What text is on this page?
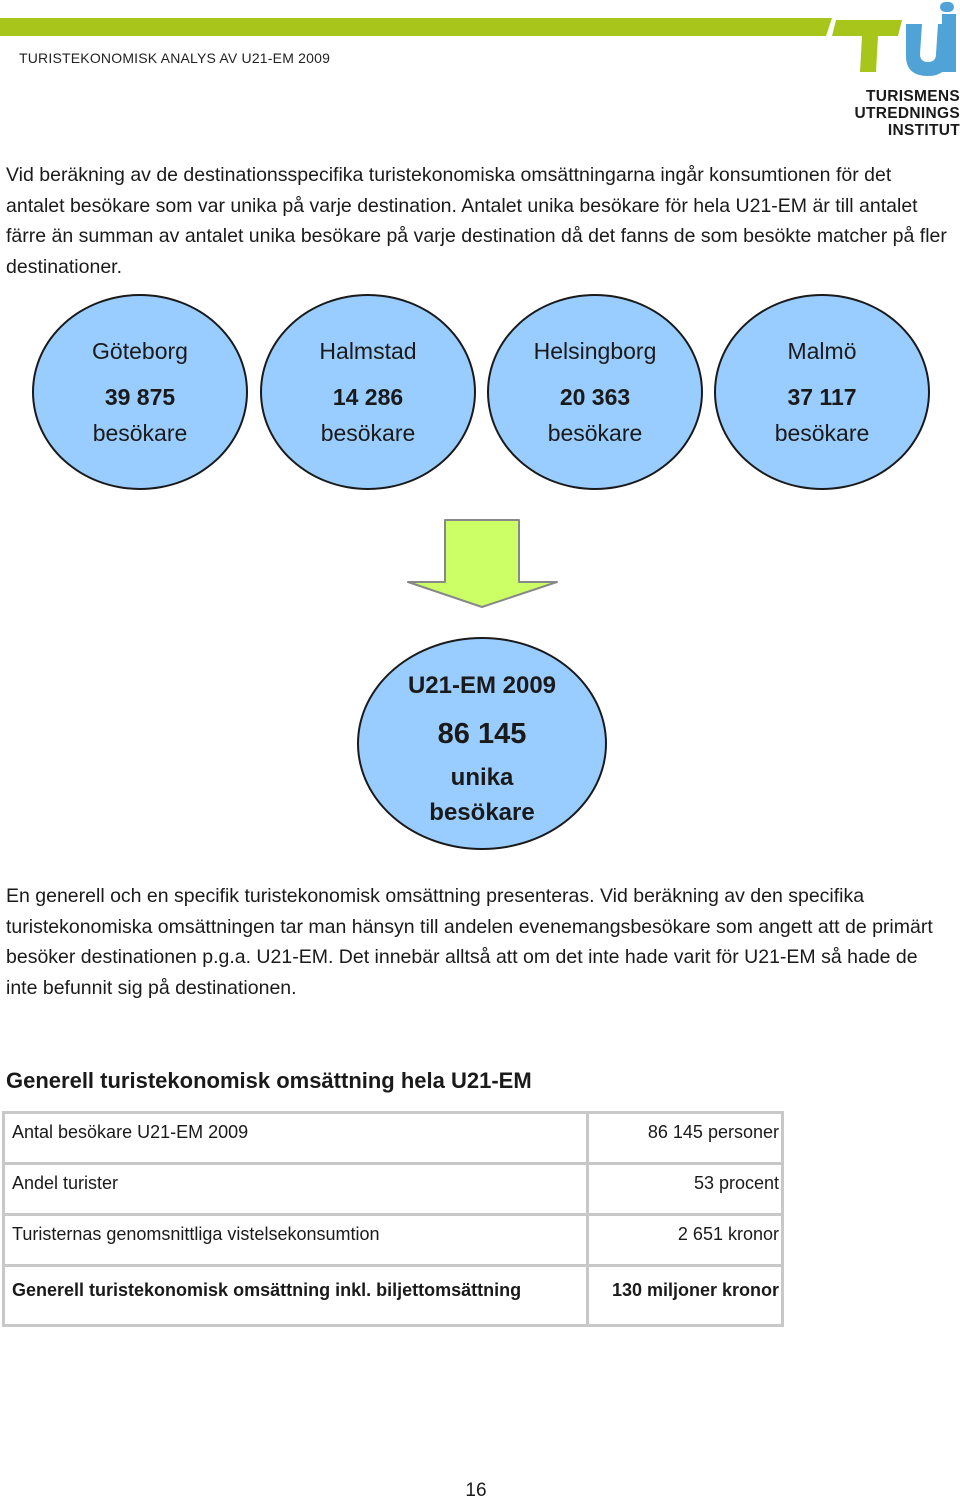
TURISTEKONOMISK ANALYS AV U21-EM 2009
TURISMENS
UTREDNINGS
INSTITUT
Vid beräkning av de destinationsspecifika turistekonomiska omsättningarna ingår konsumtionen för det antalet besökare som var unika på varje destination. Antalet unika besökare för hela U21-EM är till antalet färre än summan av antalet unika besökare på varje destination då det fanns de som besökte matcher på fler destinationer.
Göteborg
39 875
besökare
Halmstad
14 286
besökare
Helsingborg
20 363
besökare
Malmö
37 117
besökare
U21-EM 2009
86 145
unika
besökare
En generell och en specifik turistekonomisk omsättning presenteras. Vid beräkning av den specifika turistekonomiska omsättningen tar man hänsyn till andelen evenemangsbesökare som angett att de primärt besöker destinationen p.g.a. U21-EM. Det innebär alltså att om det inte hade varit för U21-EM så hade de inte befunnit sig på destinationen.
Generell turistekonomisk omsättning hela U21-EM
Antal besökare U21-EM 2009	86 145 personer
Andel turister	53 procent
Turisternas genomsnittliga vistelsekonsumtion	2 651 kronor
Generell turistekonomisk omsättning inkl. biljettomsättning	130 miljoner kronor
16
